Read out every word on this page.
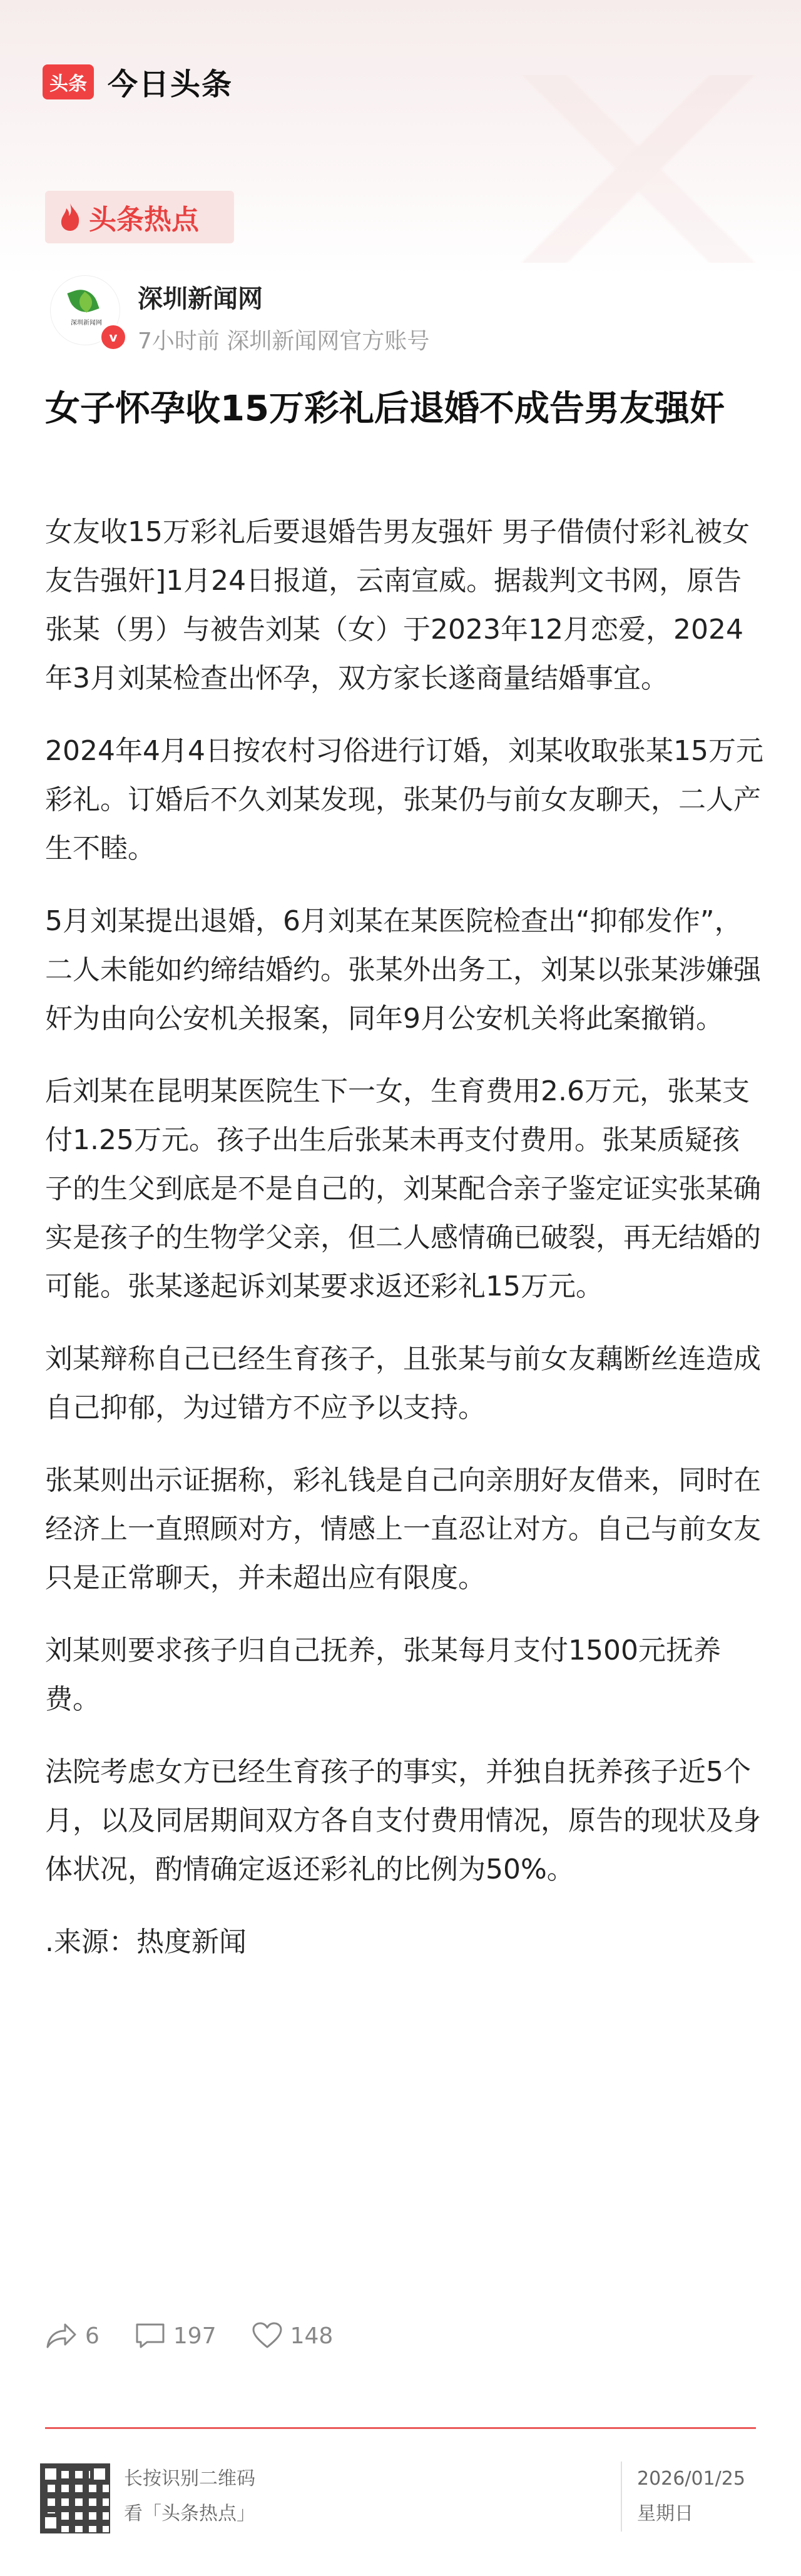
头条 今日头条
头条热点
深圳新闻网
v
深圳新闻网
7小时前 深圳新闻网官方账号
女子怀孕收15万彩礼后退婚不成告男友强奸

女友收15万彩礼后要退婚告男友强奸 男子借债付彩礼被女友告强奸]1月24日报道，云南宣威。据裁判文书网，原告张某（男）与被告刘某（女）于2023年12月恋爱，2024年3月刘某检查出怀孕，双方家长遂商量结婚事宜。

2024年4月4日按农村习俗进行订婚，刘某收取张某15万元彩礼。订婚后不久刘某发现，张某仍与前女友聊天，二人产生不睦。

5月刘某提出退婚，6月刘某在某医院检查出“抑郁发作”，二人未能如约缔结婚约。张某外出务工，刘某以张某涉嫌强奸为由向公安机关报案，同年9月公安机关将此案撤销。

后刘某在昆明某医院生下一女，生育费用2.6万元，张某支付1.25万元。孩子出生后张某未再支付费用。张某质疑孩子的生父到底是不是自己的，刘某配合亲子鉴定证实张某确实是孩子的生物学父亲，但二人感情确已破裂，再无结婚的可能。张某遂起诉刘某要求返还彩礼15万元。

刘某辩称自己已经生育孩子，且张某与前女友藕断丝连造成自己抑郁，为过错方不应予以支持。

张某则出示证据称，彩礼钱是自己向亲朋好友借来，同时在经济上一直照顾对方，情感上一直忍让对方。自己与前女友只是正常聊天，并未超出应有限度。

刘某则要求孩子归自己抚养，张某每月支付1500元抚养费。

法院考虑女方已经生育孩子的事实，并独自抚养孩子近5个月，以及同居期间双方各自支付费用情况，原告的现状及身体状况，酌情确定返还彩礼的比例为50%。

.来源：热度新闻

6	197	148
长按识别二维码
看「头条热点」
2026/01/25
星期日
